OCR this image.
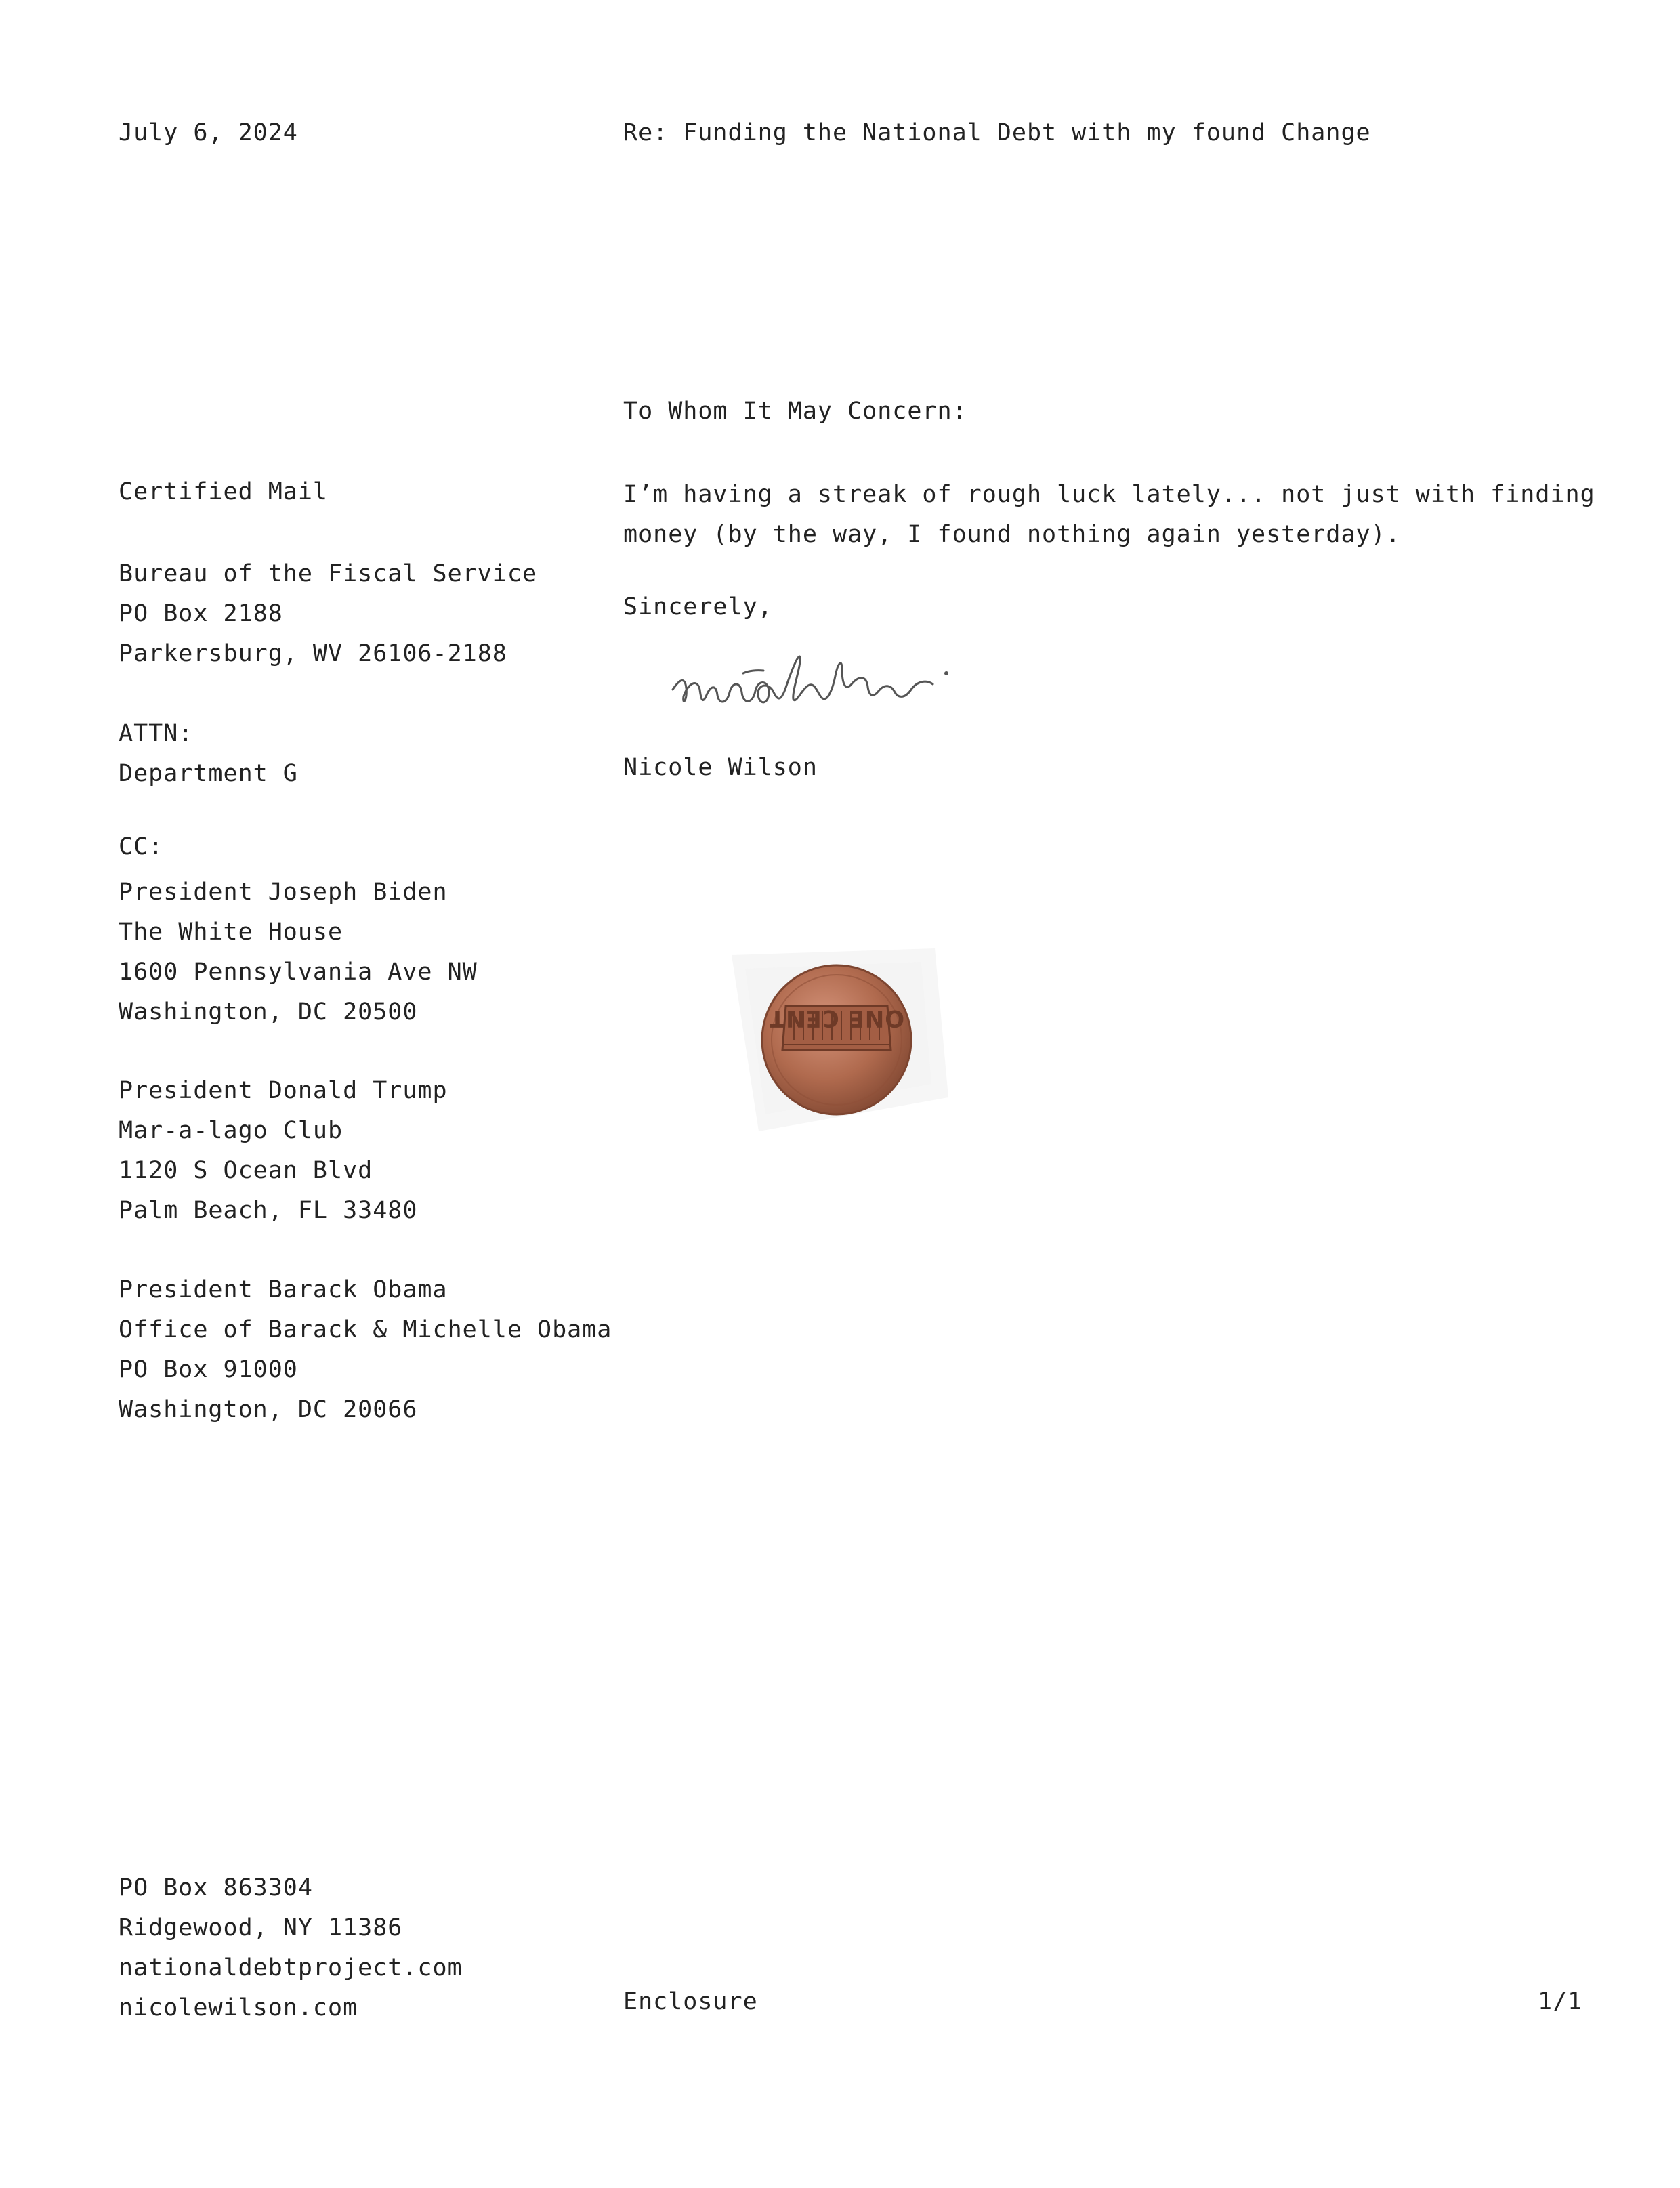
July 6, 2024	Re: Funding the National Debt with my found Change
Certified Mail
Bureau of the Fiscal Service
PO Box 2188
Parkersburg, WV 26106-2188
ATTN:
Department G
CC:
President Joseph Biden
The White House
1600 Pennsylvania Ave NW
Washington, DC 20500
President Donald Trump
Mar-a-lago Club
1120 S Ocean Blvd
Palm Beach, FL 33480
President Barack Obama
Office of Barack & Michelle Obama
PO Box 91000
Washington, DC 20066
To Whom It May Concern:
I’m having a streak of rough luck lately... not just with finding
money (by the way, I found nothing again yesterday).
Sincerely,
Nicole Wilson
ONE CENT
PO Box 863304
Ridgewood, NY 11386
nationaldebtproject.com
nicolewilson.com	Enclosure	1/1
